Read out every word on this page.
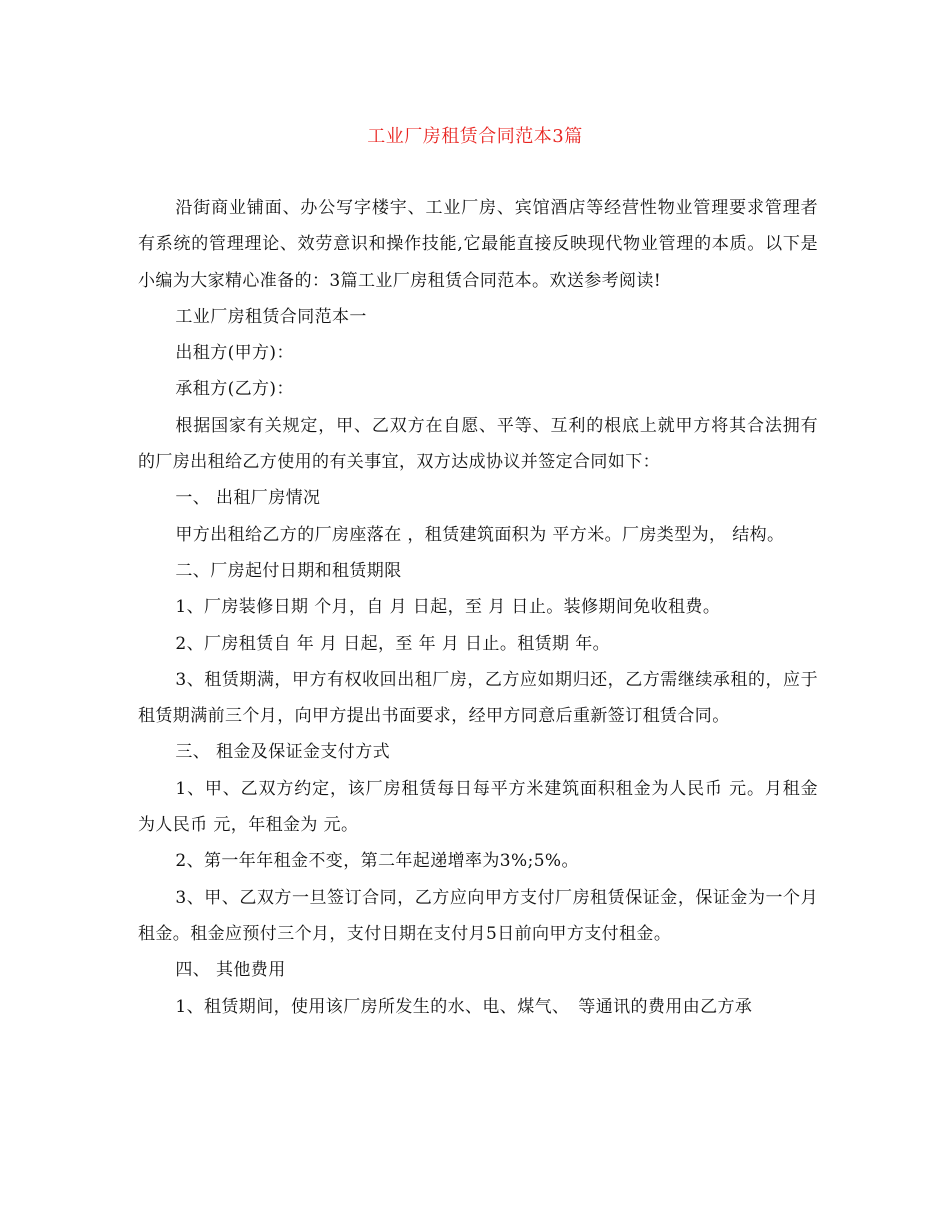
工业厂房租赁合同范本3篇

沿街商业铺面、办公写字楼宇、工业厂房、宾馆酒店等经营性物业管理要求管理者有系统的管理理论、效劳意识和操作技能,它最能直接反映现代物业管理的本质。以下是小编为大家精心准备的：3篇工业厂房租赁合同范本。欢送参考阅读!

工业厂房租赁合同范本一

出租方(甲方)：

承租方(乙方)：

根据国家有关规定，甲、乙双方在自愿、平等、互利的根底上就甲方将其合法拥有的厂房出租给乙方使用的有关事宜，双方达成协议并签定合同如下：

一、 出租厂房情况

甲方出租给乙方的厂房座落在 ，租赁建筑面积为 平方米。厂房类型为， 结构。

二、厂房起付日期和租赁期限

1、厂房装修日期 个月，自 月 日起，至 月 日止。装修期间免收租费。

2、厂房租赁自 年 月 日起，至 年 月 日止。租赁期 年。

3、租赁期满，甲方有权收回出租厂房，乙方应如期归还，乙方需继续承租的，应于租赁期满前三个月，向甲方提出书面要求，经甲方同意后重新签订租赁合同。

三、 租金及保证金支付方式

1、甲、乙双方约定，该厂房租赁每日每平方米建筑面积租金为人民币 元。月租金为人民币 元，年租金为 元。

2、第一年年租金不变，第二年起递增率为3%;5%。

3、甲、乙双方一旦签订合同，乙方应向甲方支付厂房租赁保证金，保证金为一个月租金。租金应预付三个月，支付日期在支付月5日前向甲方支付租金。

四、 其他费用

1、租赁期间，使用该厂房所发生的水、电、煤气、　等通讯的费用由乙方承
